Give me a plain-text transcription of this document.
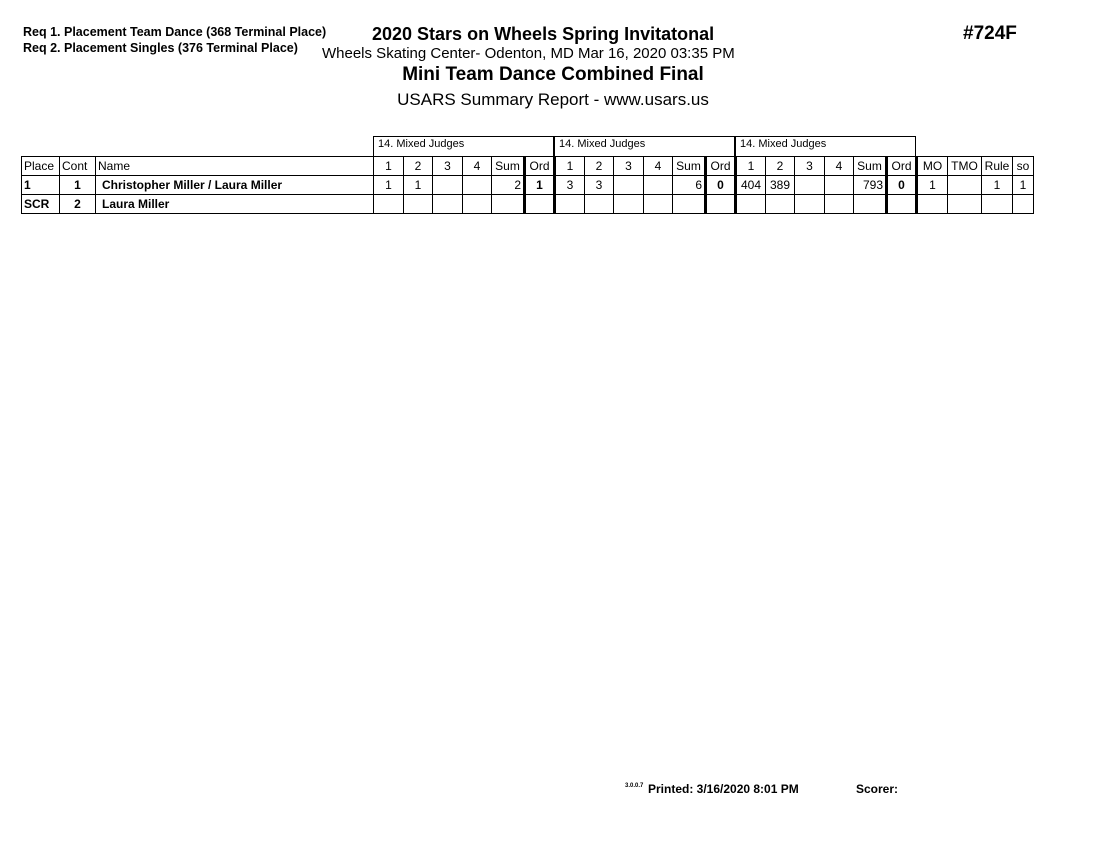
Req 1. Placement Team Dance (368 Terminal Place)
Req 2. Placement Singles (376 Terminal Place)
2020 Stars on Wheels Spring Invitatonal
Wheels Skating Center- Odenton, MD Mar 16, 2020 03:35 PM
Mini Team Dance Combined Final
USARS Summary Report - www.usars.us
#724F
14. Mixed Judges	14. Mixed Judges	14. Mixed Judges
Place	Cont	Name	1	2	3	4	Sum	Ord	1	2	3	4	Sum	Ord	1	2	3	4	Sum	Ord	MO	TMO	Rule	so
1	1	Christopher Miller / Laura Miller	1	1			2	1	3	3			6	0	404	389			793	0	1		1	1
SCR	2	Laura Miller																						
3.0.0.7 Printed: 3/16/2020 8:01 PM	Scorer:
